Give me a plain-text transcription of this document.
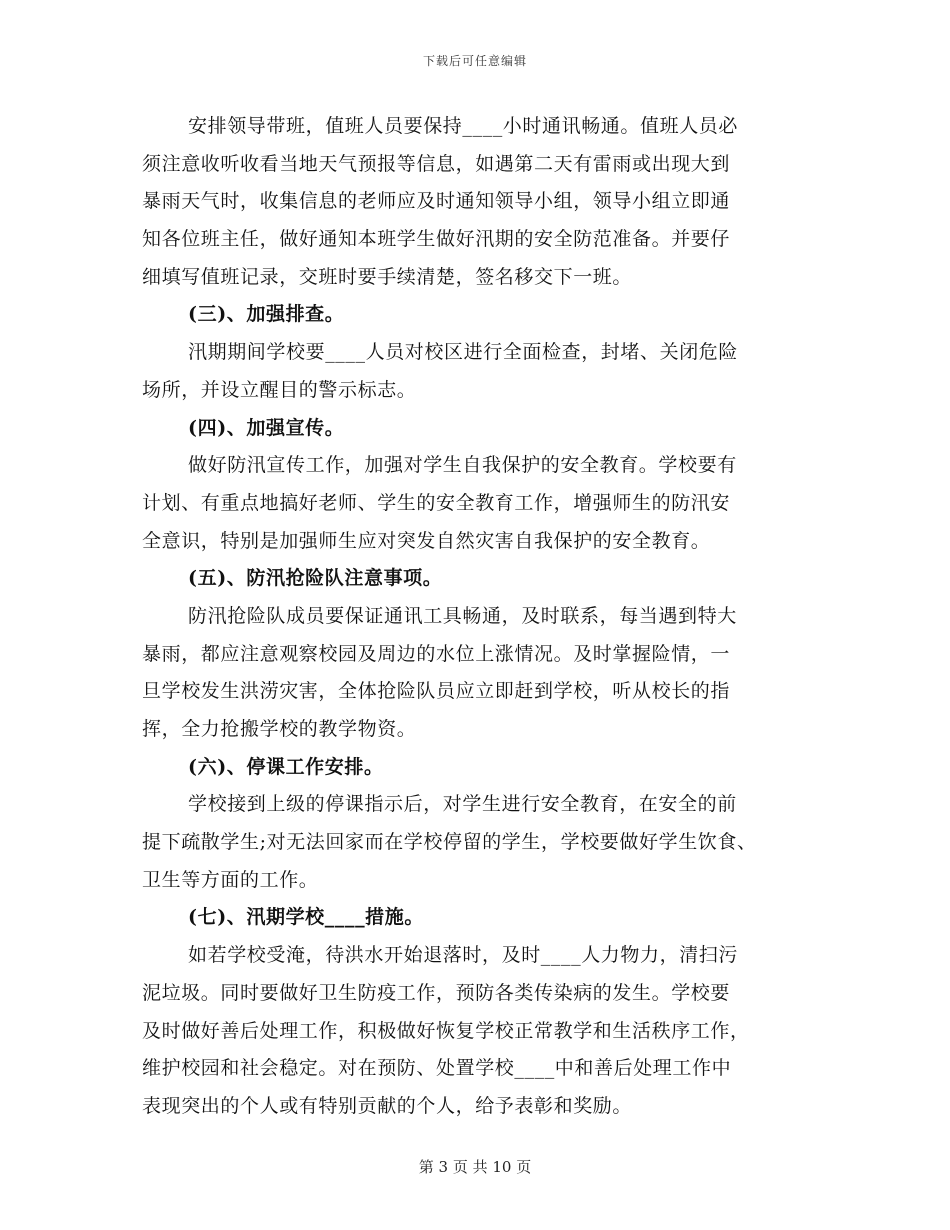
下载后可任意编辑
安排领导带班，值班人员要保持____小时通讯畅通。值班人员必
须注意收听收看当地天气预报等信息，如遇第二天有雷雨或出现大到
暴雨天气时，收集信息的老师应及时通知领导小组，领导小组立即通
知各位班主任，做好通知本班学生做好汛期的安全防范准备。并要仔
细填写值班记录，交班时要手续清楚，签名移交下一班。
(三)、加强排查。
汛期期间学校要____人员对校区进行全面检查，封堵、关闭危险
场所，并设立醒目的警示标志。
(四)、加强宣传。
做好防汛宣传工作，加强对学生自我保护的安全教育。学校要有
计划、有重点地搞好老师、学生的安全教育工作，增强师生的防汛安
全意识，特别是加强师生应对突发自然灾害自我保护的安全教育。
(五)、防汛抢险队注意事项。
防汛抢险队成员要保证通讯工具畅通，及时联系，每当遇到特大
暴雨，都应注意观察校园及周边的水位上涨情况。及时掌握险情，一
旦学校发生洪涝灾害，全体抢险队员应立即赶到学校，听从校长的指
挥，全力抢搬学校的教学物资。
(六)、停课工作安排。
学校接到上级的停课指示后，对学生进行安全教育，在安全的前
提下疏散学生;对无法回家而在学校停留的学生，学校要做好学生饮食、
卫生等方面的工作。
(七)、汛期学校____措施。
如若学校受淹，待洪水开始退落时，及时____人力物力，清扫污
泥垃圾。同时要做好卫生防疫工作，预防各类传染病的发生。学校要
及时做好善后处理工作，积极做好恢复学校正常教学和生活秩序工作，
维护校园和社会稳定。对在预防、处置学校____中和善后处理工作中
表现突出的个人或有特别贡献的个人，给予表彰和奖励。
第 3 页 共 10 页
